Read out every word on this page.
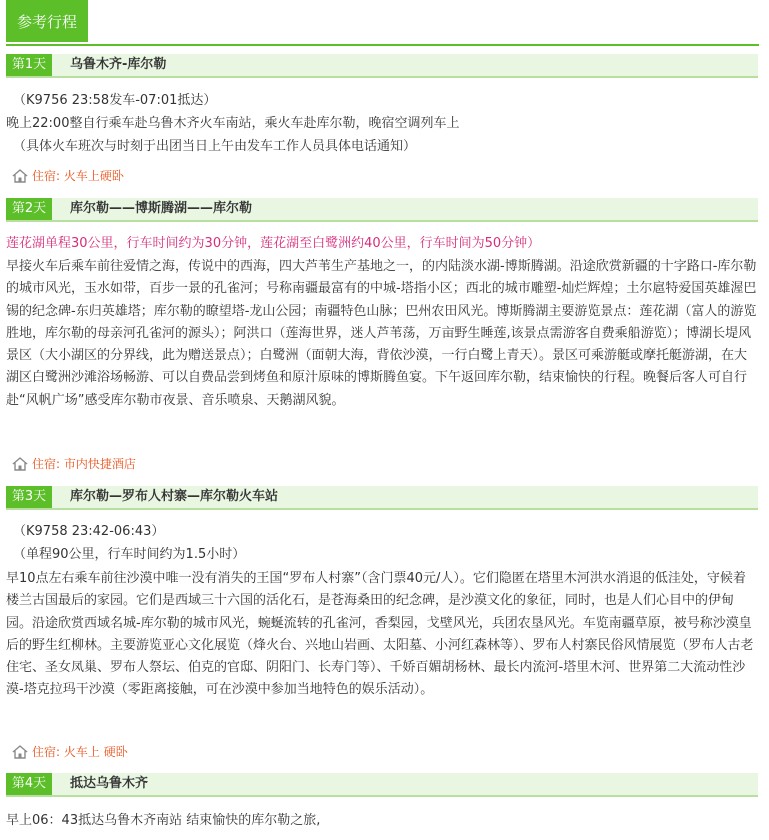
参考行程
第1天	乌鲁木齐-库尔勒
（K9756 23:58发车-07:01抵达）
晚上22:00整自行乘车赴乌鲁木齐火车南站，乘火车赴库尔勒，晚宿空调列车上
（具体火车班次与时刻于出团当日上午由发车工作人员具体电话通知）
住宿: 火车上硬卧
第2天	库尔勒——博斯腾湖——库尔勒
莲花湖单程30公里，行车时间约为30分钟，莲花湖至白鹭洲约40公里，行车时间为50分钟）
早接火车后乘车前往爱情之海，传说中的西海，四大芦苇生产基地之一，的内陆淡水湖-博斯腾湖。沿途欣赏新疆的十字路口-库尔勒的城市风光，玉水如带，百步一景的孔雀河；号称南疆最富有的中城-塔指小区；西北的城市雕塑-灿烂辉煌；土尔扈特爱国英雄渥巴锡的纪念碑-东归英雄塔；库尔勒的瞭望塔-龙山公园；南疆特色山脉；巴州农田风光。博斯腾湖主要游览景点：莲花湖（富人的游览胜地，库尔勒的母亲河孔雀河的源头）；阿洪口（莲海世界，迷人芦苇荡，万亩野生睡莲,该景点需游客自费乘船游览）；博湖长堤风景区（大小湖区的分界线，此为赠送景点）；白鹭洲（面朝大海，背依沙漠，一行白鹭上青天）。景区可乘游艇或摩托艇游湖，在大湖区白鹭洲沙滩浴场畅游、可以自费品尝到烤鱼和原汁原味的博斯腾鱼宴。下午返回库尔勒，结束愉快的行程。晚餐后客人可自行赴“风帆广场”感受库尔勒市夜景、音乐喷泉、天鹅湖风貌。
住宿: 市内快捷酒店
第3天	库尔勒—罗布人村寨—库尔勒火车站
（K9758 23:42-06:43）
（单程90公里，行车时间约为1.5小时）
早10点左右乘车前往沙漠中唯一没有消失的王国“罗布人村寨”（含门票40元/人）。它们隐匿在塔里木河洪水消退的低洼处，守候着楼兰古国最后的家园。它们是西域三十六国的活化石，是苍海桑田的纪念碑，是沙漠文化的象征，同时，也是人们心目中的伊甸园。沿途欣赏西域名城-库尔勒的城市风光，蜿蜒流转的孔雀河，香梨园，戈壁风光，兵团农垦风光。车览南疆草原，被号称沙漠皇后的野生红柳林。主要游览亚心文化展览（烽火台、兴地山岩画、太阳墓、小河红森林等）、罗布人村寨民俗风情展览（罗布人古老住宅、圣女凤巢、罗布人祭坛、伯克的官邸、阴阳门、长寿门等）、千娇百媚胡杨林、最长内流河-塔里木河、世界第二大流动性沙漠-塔克拉玛干沙漠（零距离接触，可在沙漠中参加当地特色的娱乐活动）。
住宿: 火车上 硬卧
第4天	抵达乌鲁木齐
早上06：43抵达乌鲁木齐南站 结束愉快的库尔勒之旅,
